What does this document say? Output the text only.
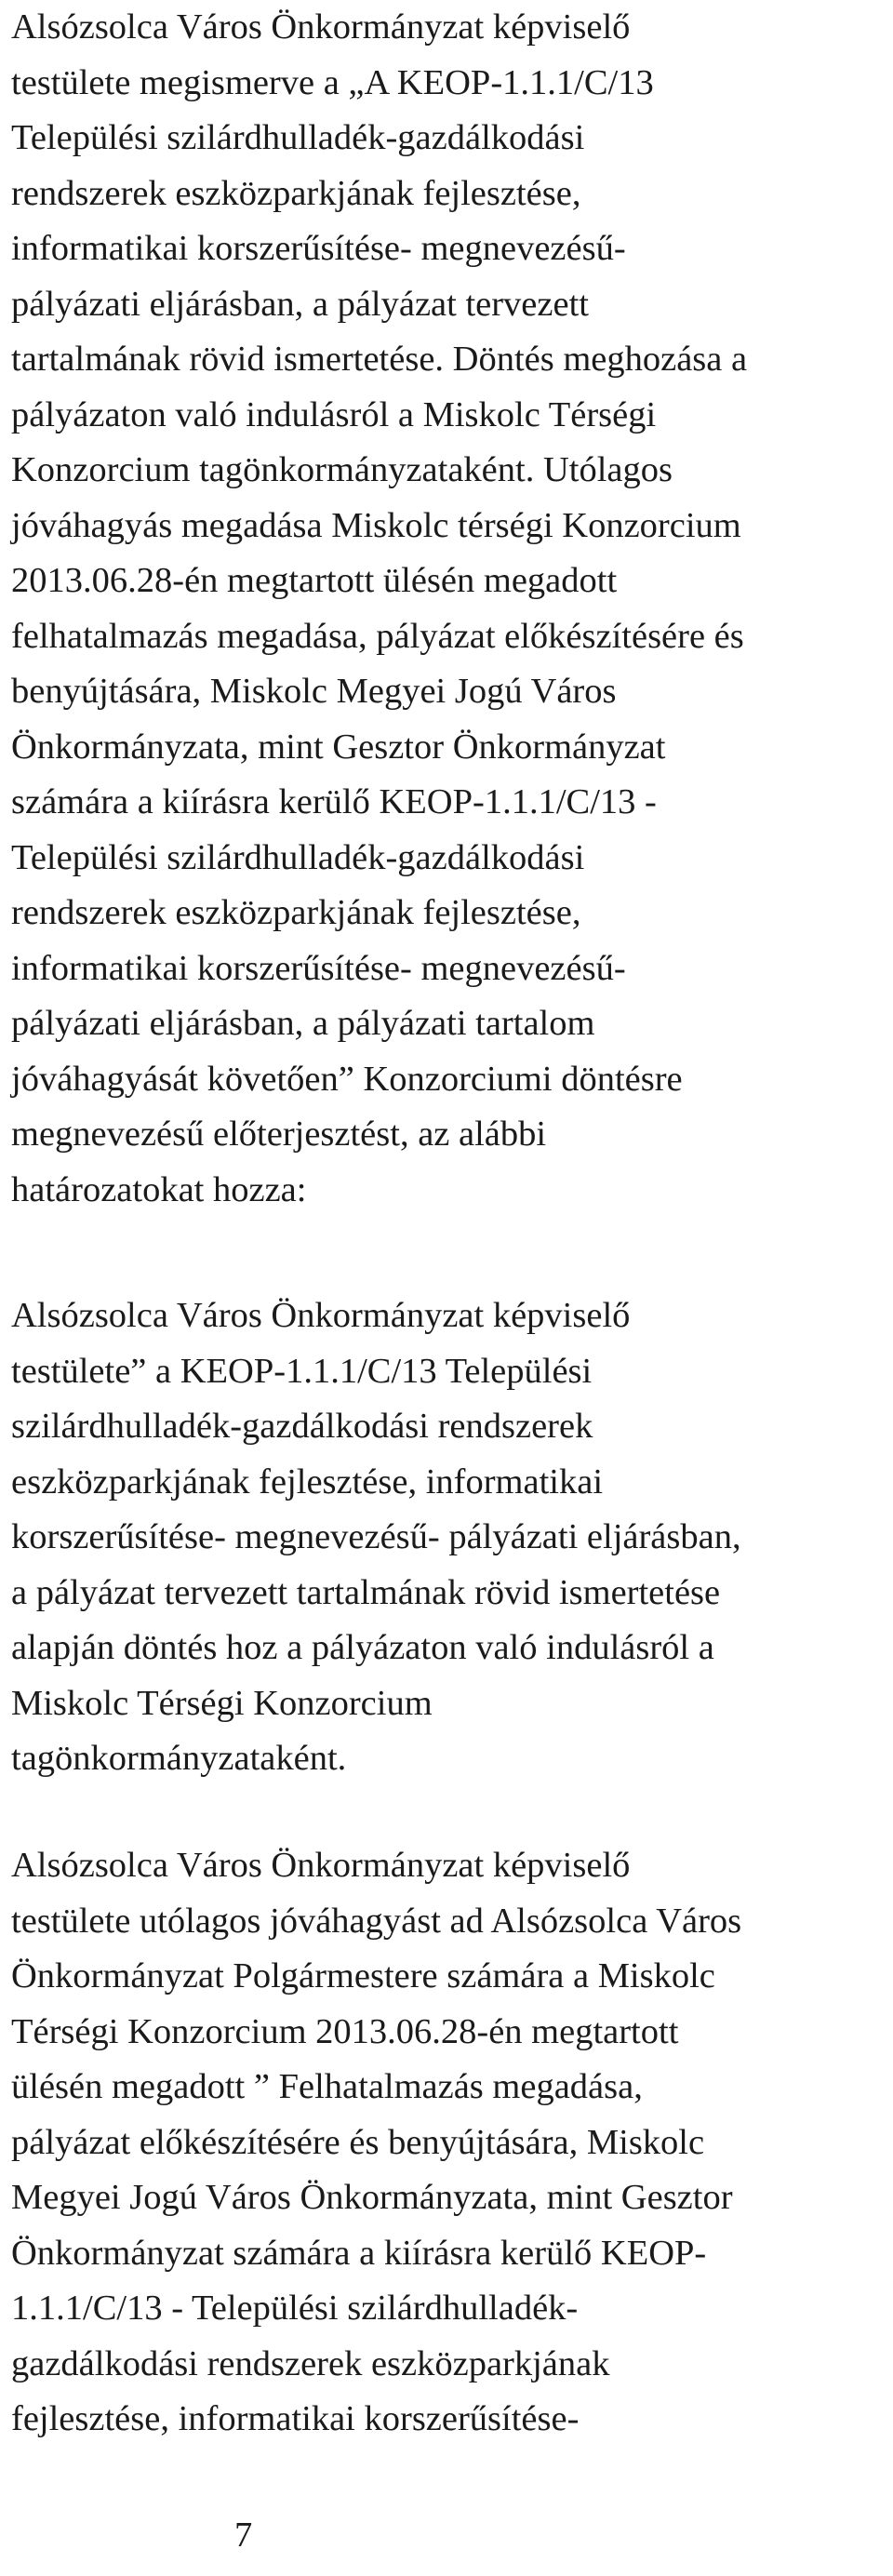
Alsózsolca Város Önkormányzat képviselő
testülete megismerve a „A KEOP-1.1.1/C/13
Települési szilárdhulladék-gazdálkodási
rendszerek eszközparkjának fejlesztése,
informatikai korszerűsítése- megnevezésű-
pályázati eljárásban, a pályázat tervezett
tartalmának rövid ismertetése. Döntés meghozása a
pályázaton való indulásról a Miskolc Térségi
Konzorcium tagönkormányzataként. Utólagos
jóváhagyás megadása Miskolc térségi Konzorcium
2013.06.28-én megtartott ülésén megadott
felhatalmazás megadása, pályázat előkészítésére és
benyújtására, Miskolc Megyei Jogú Város
Önkormányzata, mint Gesztor Önkormányzat
számára a kiírásra kerülő KEOP-1.1.1/C/13 -
Települési szilárdhulladék-gazdálkodási
rendszerek eszközparkjának fejlesztése,
informatikai korszerűsítése- megnevezésű-
pályázati eljárásban, a pályázati tartalom
jóváhagyását követően” Konzorciumi döntésre
megnevezésű előterjesztést, az alábbi
határozatokat hozza:

Alsózsolca Város Önkormányzat képviselő
testülete” a KEOP-1.1.1/C/13 Települési
szilárdhulladék-gazdálkodási rendszerek
eszközparkjának fejlesztése, informatikai
korszerűsítése- megnevezésű- pályázati eljárásban,
a pályázat tervezett tartalmának rövid ismertetése
alapján döntés hoz a pályázaton való indulásról a
Miskolc Térségi Konzorcium
tagönkormányzataként.

Alsózsolca Város Önkormányzat képviselő
testülete utólagos jóváhagyást ad Alsózsolca Város
Önkormányzat Polgármestere számára a Miskolc
Térségi Konzorcium 2013.06.28-én megtartott
ülésén megadott ” Felhatalmazás megadása,
pályázat előkészítésére és benyújtására, Miskolc
Megyei Jogú Város Önkormányzata, mint Gesztor
Önkormányzat számára a kiírásra kerülő KEOP-
1.1.1/C/13 - Települési szilárdhulladék-
gazdálkodási rendszerek eszközparkjának
fejlesztése, informatikai korszerűsítése-

7
